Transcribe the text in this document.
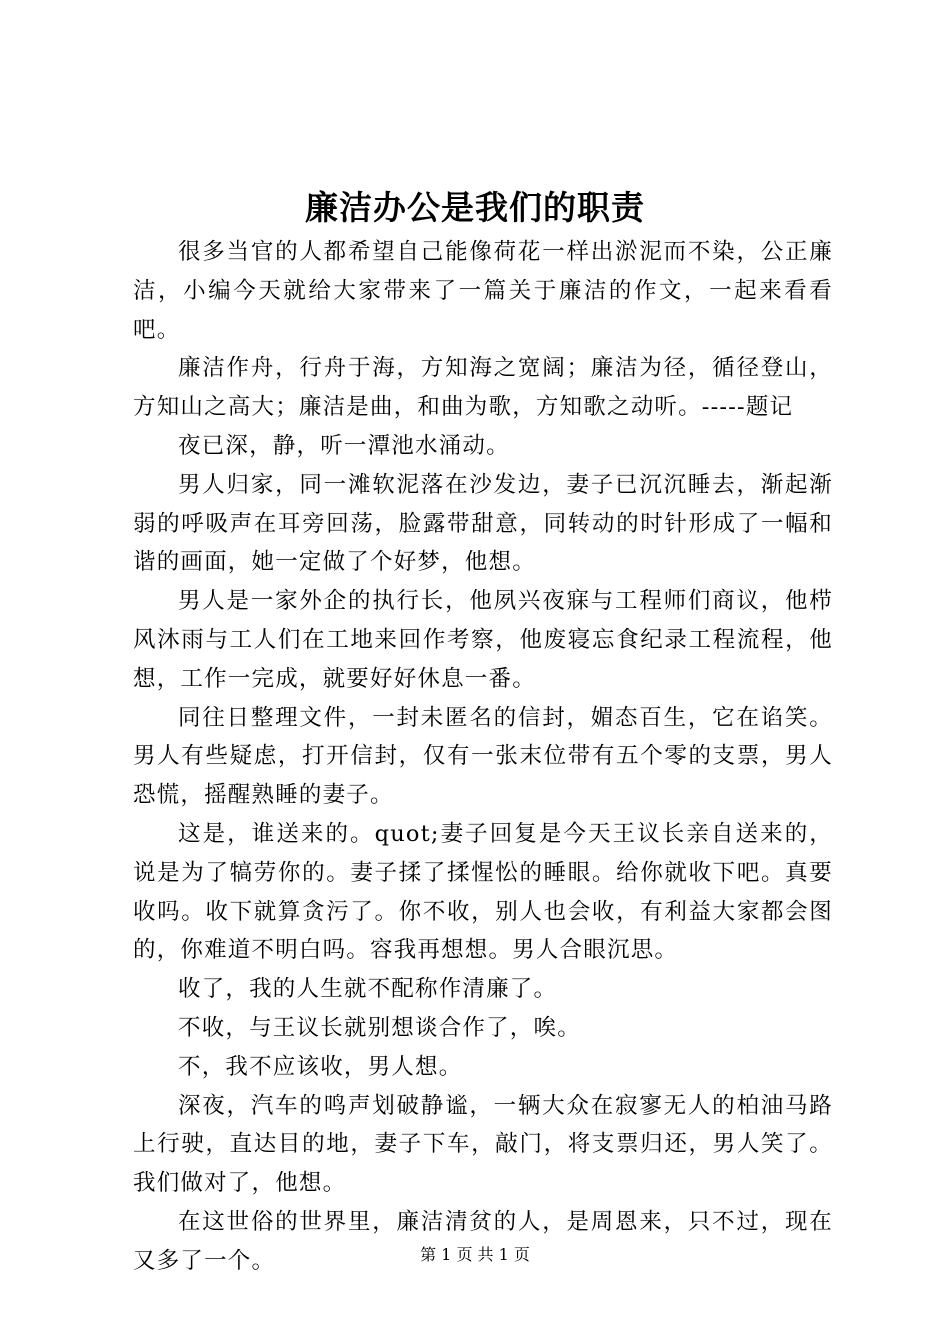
廉洁办公是我们的职责

很多当官的人都希望自己能像荷花一样出淤泥而不染，公正廉洁，小编今天就给大家带来了一篇关于廉洁的作文，一起来看看吧。

廉洁作舟，行舟于海，方知海之宽阔；廉洁为径，循径登山，方知山之高大；廉洁是曲，和曲为歌，方知歌之动听。-----题记

夜已深，静，听一潭池水涌动。

男人归家，同一滩软泥落在沙发边，妻子已沉沉睡去，渐起渐弱的呼吸声在耳旁回荡，脸露带甜意，同转动的时针形成了一幅和谐的画面，她一定做了个好梦，他想。

男人是一家外企的执行长，他夙兴夜寐与工程师们商议，他栉风沐雨与工人们在工地来回作考察，他废寝忘食纪录工程流程，他想，工作一完成，就要好好休息一番。

同往日整理文件，一封未匿名的信封，媚态百生，它在谄笑。男人有些疑虑，打开信封，仅有一张末位带有五个零的支票，男人恐慌，摇醒熟睡的妻子。

这是，谁送来的。quot;妻子回复是今天王议长亲自送来的，说是为了犒劳你的。妻子揉了揉惺忪的睡眼。给你就收下吧。真要收吗。收下就算贪污了。你不收，别人也会收，有利益大家都会图的，你难道不明白吗。容我再想想。男人合眼沉思。

收了，我的人生就不配称作清廉了。

不收，与王议长就别想谈合作了，唉。

不，我不应该收，男人想。

深夜，汽车的鸣声划破静谧，一辆大众在寂寥无人的柏油马路上行驶，直达目的地，妻子下车，敲门，将支票归还，男人笑了。我们做对了，他想。

在这世俗的世界里，廉洁清贫的人，是周恩来，只不过，现在又多了一个。	第 1 页 共 1 页
